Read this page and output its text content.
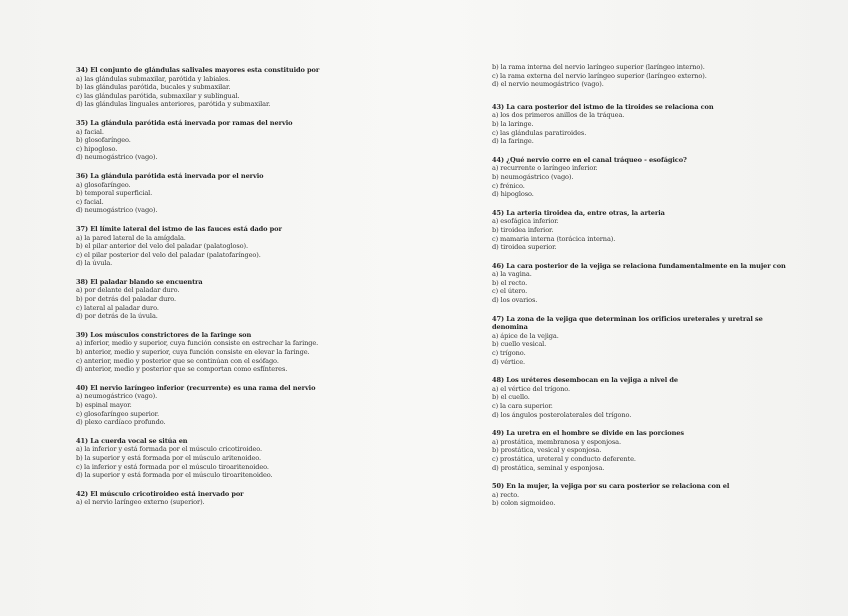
34) El conjunto de glándulas salivales mayores esta constituido por
a) las glándulas submaxilar, parótida y labiales.
b) las glándulas parótida, bucales y submaxilar.
c) las glándulas parótida, submaxilar y sublingual.
d) las glándulas linguales anteriores, parótida y submaxilar.
35) La glándula parótida está inervada por ramas del nervio
a) facial.
b) glosofaríngeo.
c) hipogloso.
d) neumogástrico (vago).
36) La glándula parótida está inervada por el nervio
a) glosofaríngeo.
b) temporal superficial.
c) facial.
d) neumogástrico (vago).
37) El límite lateral del istmo de las fauces está dado por
a) la pared lateral de la amígdala.
b) el pilar anterior del velo del paladar (palatogloso).
c) el pilar posterior del velo del paladar (palatofaríngeo).
d) la úvula.
38) El paladar blando se encuentra
a) por delante del paladar duro.
b) por detrás del paladar duro.
c) lateral al paladar duro.
d) por detrás de la úvula.
39) Los músculos constrictores de la faringe son
a) inferior, medio y superior, cuya función consiste en estrechar la faringe.
b) anterior, medio y superior, cuya función consiste en elevar la faringe.
c) anterior, medio y posterior que se continúan con el esófago.
d) anterior, medio y posterior que se comportan como esfínteres.
40) El nervio laríngeo inferior (recurrente) es una rama del nervio
a) neumogástrico (vago).
b) espinal mayor.
c) glosofaríngeo superior.
d) plexo cardíaco profundo.
41) La cuerda vocal se sitúa en
a) la inferior y está formada por el músculo cricotiroideo.
b) la superior y está formada por el músculo aritenoideo.
c) la inferior y está formada por el músculo tiroaritenoideo.
d) la superior y está formada por el músculo tiroaritenoideo.
42) El músculo cricotiroideo está inervado por
a) el nervio laríngeo externo (superior).
b) la rama interna del nervio laríngeo superior (laríngeo interno).
c) la rama externa del nervio laríngeo superior (laríngeo externo).
d) el nervio neumogástrico (vago).
43) La cara posterior del istmo de la tiroides se relaciona con
a) los dos primeros anillos de la tráquea.
b) la laringe.
c) las glándulas paratiroides.
d) la faringe.
44) ¿Qué nervio corre en el canal tráqueo - esofágico?
a) recurrente o laríngeo inferior.
b) neumogástrico (vago).
c) frénico.
d) hipogloso.
45) La arteria tiroidea da, entre otras, la arteria
a) esofágica inferior.
b) tiroidea inferior.
c) mamaria interna (torácica interna).
d) tiroidea superior.
46) La cara posterior de la vejiga se relaciona fundamentalmente en la mujer con
a) la vagina.
b) el recto.
c) el útero.
d) los ovarios.
47) La zona de la vejiga que determinan los orificios ureterales y uretral se denomina
a) ápice de la vejiga.
b) cuello vesical.
c) trígono.
d) vértice.
48) Los uréteres desembocan en la vejiga a nivel de
a) el vértice del trígono.
b) el cuello.
c) la cara superior.
d) los ángulos posterolaterales del trígono.
49) La uretra en el hombre se divide en las porciones
a) prostática, membranosa y esponjosa.
b) prostática, vesical y esponjosa.
c) prostática, ureteral y conducto deferente.
d) prostática, seminal y esponjosa.
50) En la mujer, la vejiga por su cara posterior se relaciona con el
a) recto.
b) colon sigmoideo.
